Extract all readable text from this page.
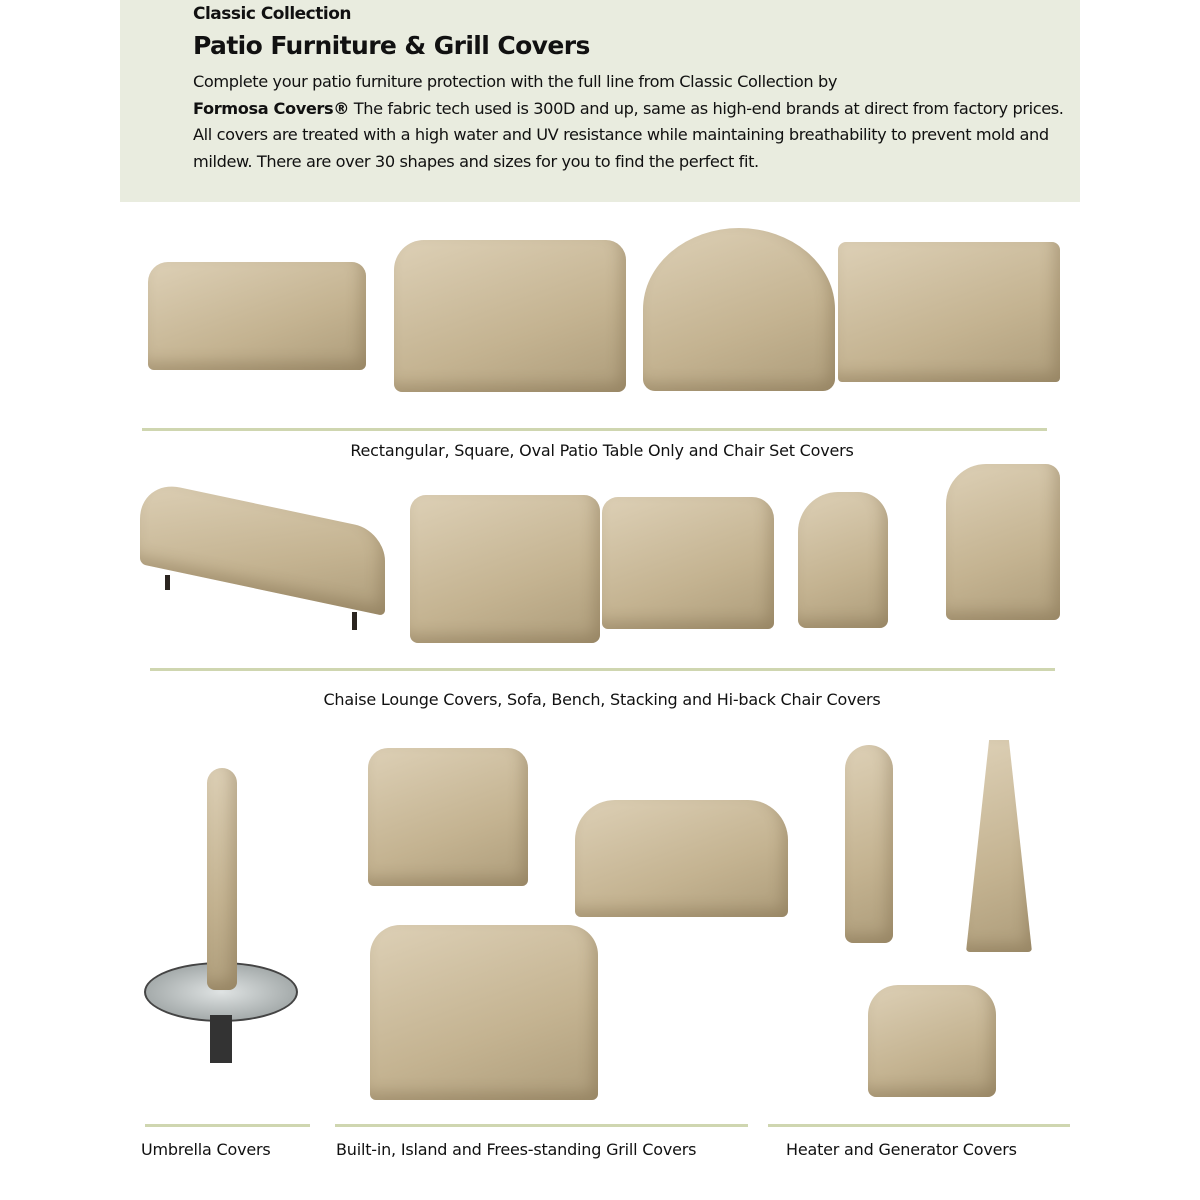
Classic Collection
Patio Furniture & Grill Covers
Complete your patio furniture protection with the full line from Classic Collection by
Formosa Covers® The fabric tech used is 300D and up, same as high-end brands at direct from factory prices. All covers are treated with a high water and UV resistance while maintaining breathability to prevent mold and mildew. There are over 30 shapes and sizes for you to find the perfect fit.
Rectangular, Square, Oval Patio Table Only and Chair Set Covers
Chaise Lounge Covers, Sofa, Bench, Stacking and Hi-back Chair Covers
Umbrella Covers	Built-in, Island and Frees-standing Grill Covers	Heater and Generator Covers
